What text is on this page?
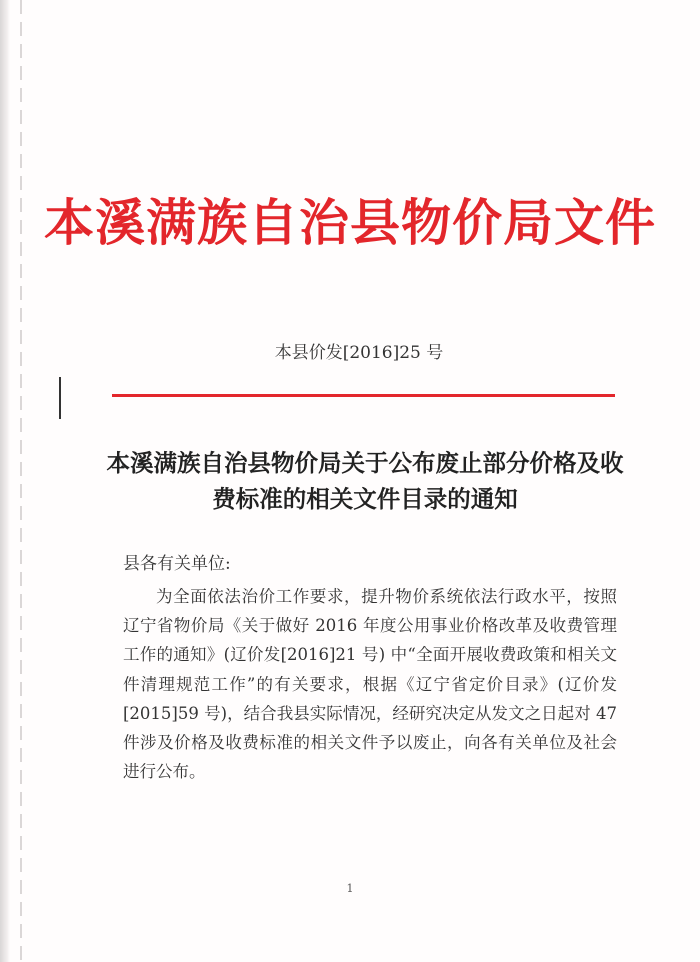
本溪满族自治县物价局文件
本县价发[2016]25 号
本溪满族自治县物价局关于公布废止部分价格及收费标准的相关文件目录的通知
县各有关单位:
为全面依法治价工作要求，提升物价系统依法行政水平，按照辽宁省物价局《关于做好 2016 年度公用事业价格改革及收费管理工作的通知》(辽价发[2016]21 号) 中“全面开展收费政策和相关文件清理规范工作”的有关要求，根据《辽宁省定价目录》(辽价发[2015]59 号)，结合我县实际情况，经研究决定从发文之日起对 47 件涉及价格及收费标准的相关文件予以废止，向各有关单位及社会进行公布。
1
